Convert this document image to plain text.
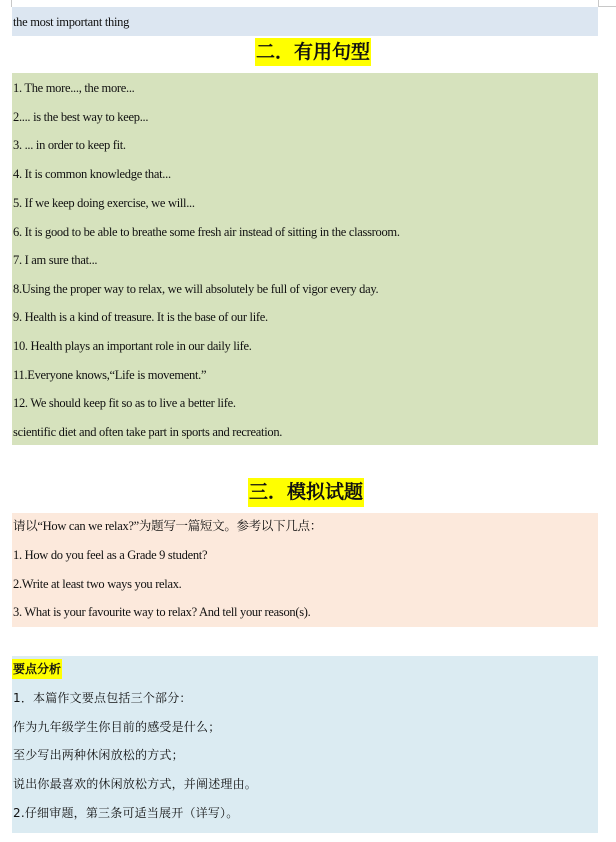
the most important thing
二．有用句型
1. The more..., the more...
2.... is the best way to keep...
3. ... in order to keep fit.
4. It is common knowledge that...
5. If we keep doing exercise, we will...
6. It is good to be able to breathe some fresh air instead of sitting in the classroom.
7. I am sure that...
8.Using the proper way to relax, we will absolutely be full of vigor every day.
9. Health is a kind of treasure. It is the base of our life.
10. Health plays an important role in our daily life.
11.Everyone knows,“Life is movement.”
12. We should keep fit so as to live a better life.
scientific diet and often take part in sports and recreation.
三．模拟试题
请以“How can we relax?”为题写一篇短文。参考以下几点：
1. How do you feel as a Grade 9 student?
2.Write at least two ways you relax.
3. What is your favourite way to relax? And tell your reason(s).
要点分析
1．本篇作文要点包括三个部分：
作为九年级学生你目前的感受是什么；
至少写出两种休闲放松的方式；
说出你最喜欢的休闲放松方式，并阐述理由。
2.仔细审题，第三条可适当展开（详写）。
